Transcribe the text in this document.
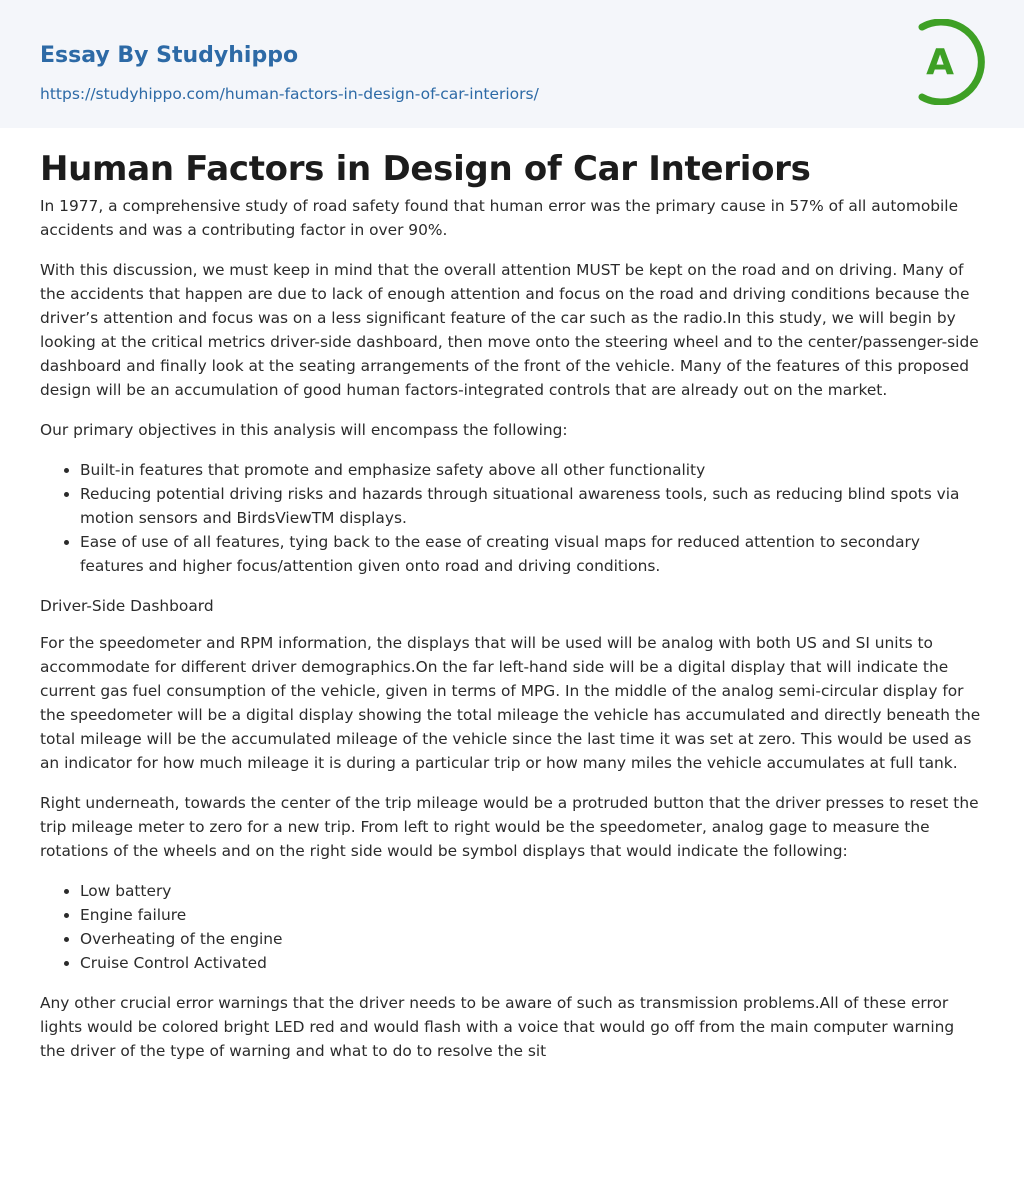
Essay By Studyhippo
https://studyhippo.com/human-factors-in-design-of-car-interiors/
A
Human Factors in Design of Car Interiors

In 1977, a comprehensive study of road safety found that human error was the primary cause in 57% of all automobile accidents and was a contributing factor in over 90%.

With this discussion, we must keep in mind that the overall attention MUST be kept on the road and on driving. Many of the accidents that happen are due to lack of enough attention and focus on the road and driving conditions because the driver’s attention and focus was on a less significant feature of the car such as the radio.In this study, we will begin by looking at the critical metrics driver-side dashboard, then move onto the steering wheel and to the center/passenger-side dashboard and finally look at the seating arrangements of the front of the vehicle. Many of the features of this proposed design will be an accumulation of good human factors-integrated controls that are already out on the market.

Our primary objectives in this analysis will encompass the following:

• Built-in features that promote and emphasize safety above all other functionality
• Reducing potential driving risks and hazards through situational awareness tools, such as reducing blind spots via motion sensors and BirdsViewTM displays.
• Ease of use of all features, tying back to the ease of creating visual maps for reduced attention to secondary features and higher focus/attention given onto road and driving conditions.
Driver-Side Dashboard

For the speedometer and RPM information, the displays that will be used will be analog with both US and SI units to accommodate for different driver demographics.On the far left-hand side will be a digital display that will indicate the current gas fuel consumption of the vehicle, given in terms of MPG. In the middle of the analog semi-circular display for the speedometer will be a digital display showing the total mileage the vehicle has accumulated and directly beneath the total mileage will be the accumulated mileage of the vehicle since the last time it was set at zero. This would be used as an indicator for how much mileage it is during a particular trip or how many miles the vehicle accumulates at full tank.

Right underneath, towards the center of the trip mileage would be a protruded button that the driver presses to reset the trip mileage meter to zero for a new trip. From left to right would be the speedometer, analog gage to measure the rotations of the wheels and on the right side would be symbol displays that would indicate the following:

• Low battery
• Engine failure
• Overheating of the engine
• Cruise Control Activated

Any other crucial error warnings that the driver needs to be aware of such as transmission problems.All of these error lights would be colored bright LED red and would flash with a voice that would go off from the main computer warning the driver of the type of warning and what to do to resolve the sit
